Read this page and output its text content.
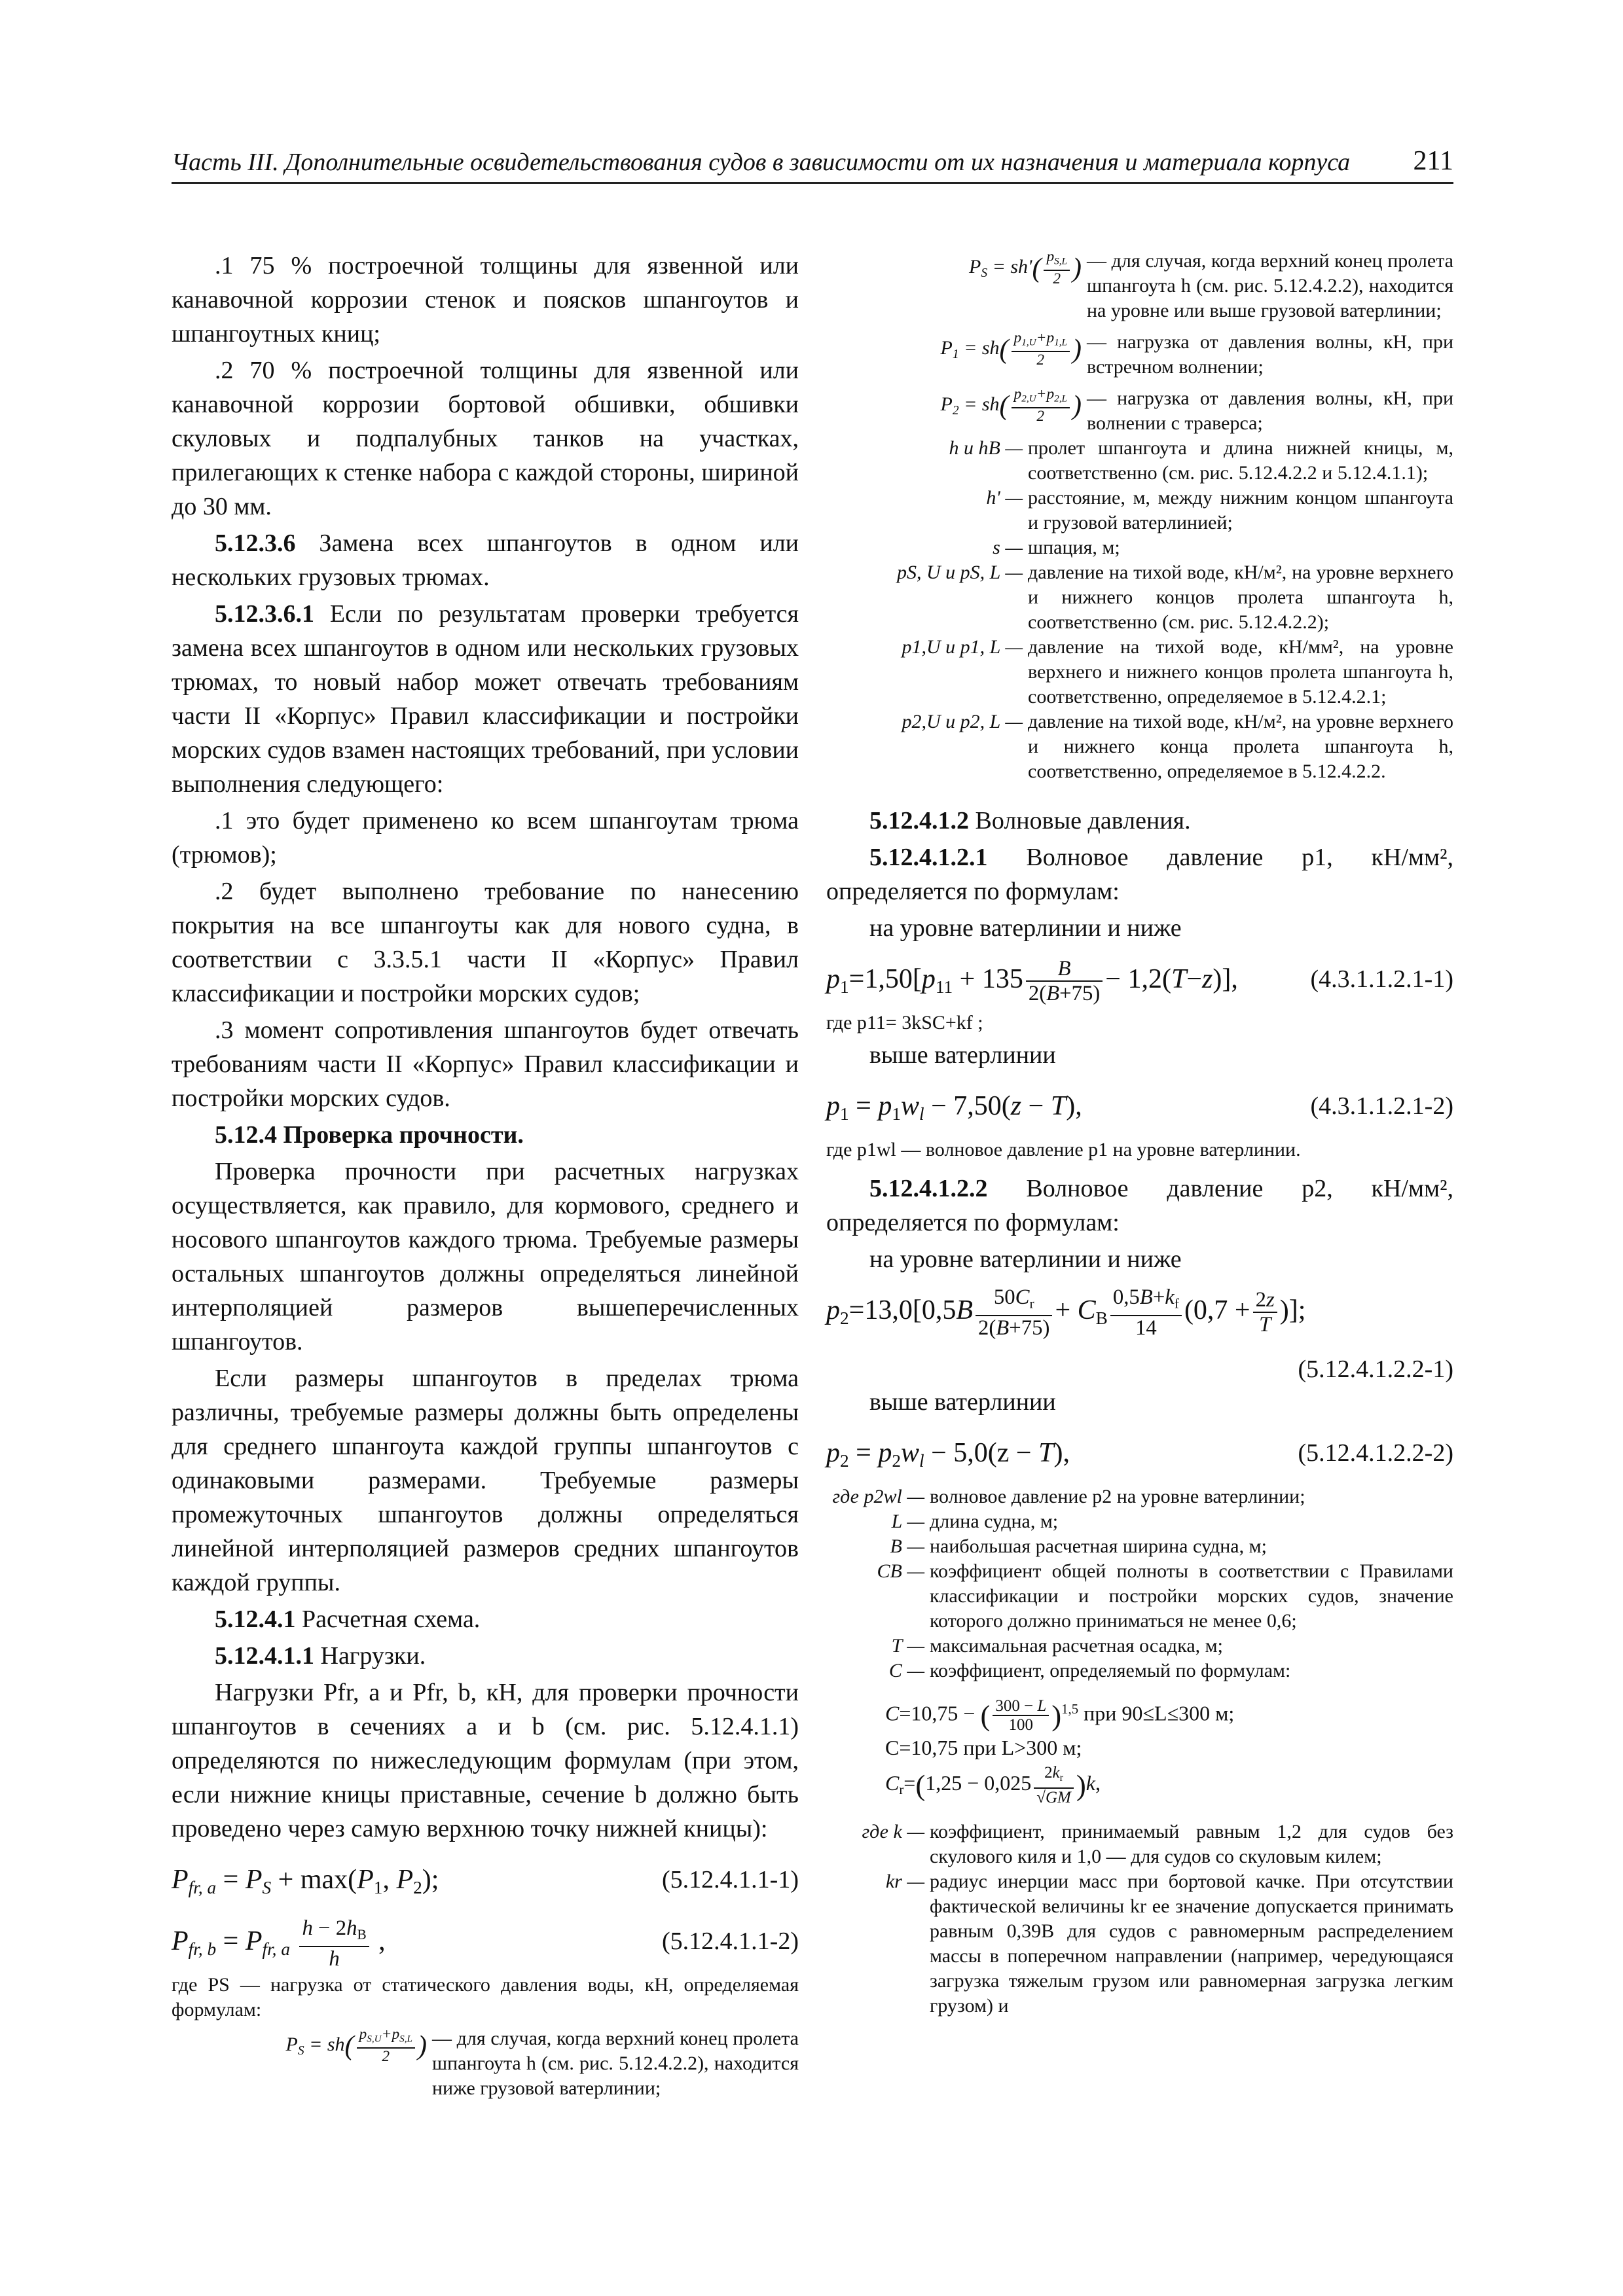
Часть III. Дополнительные освидетельствования судов в зависимости от их назначения и материала корпуса 211

.1 75 % построечной толщины для язвенной или канавочной коррозии стенок и поясков шпангоутов и шпангоутных книц;

.2 70 % построечной толщины для язвенной или канавочной коррозии бортовой обшивки, обшивки скуловых и подпалубных танков на участках, прилегающих к стенке набора с каждой стороны, шириной до 30 мм.

5.12.3.6 Замена всех шпангоутов в одном или нескольких грузовых трюмах.

5.12.3.6.1 Если по результатам проверки требуется замена всех шпангоутов в одном или нескольких грузовых трюмах, то новый набор может отвечать требованиям части II «Корпус» Правил классификации и постройки морских судов взамен настоящих требований, при условии выполнения следующего:

.1 это будет применено ко всем шпангоутам трюма (трюмов);

.2 будет выполнено требование по нанесению покрытия на все шпангоуты как для нового судна, в соответствии с 3.3.5.1 части II «Корпус» Правил классификации и постройки морских судов;

.3 момент сопротивления шпангоутов будет отвечать требованиям части II «Корпус» Правил классификации и постройки морских судов.

5.12.4 Проверка прочности.

Проверка прочности при расчетных нагрузках осуществляется, как правило, для кормового, среднего и носового шпангоутов каждого трюма. Требуемые размеры остальных шпангоутов должны определяться линейной интерполяцией размеров вышеперечисленных шпангоутов.

Если размеры шпангоутов в пределах трюма различны, требуемые размеры должны быть определены для среднего шпангоута каждой группы шпангоутов с одинаковыми размерами. Требуемые размеры промежуточных шпангоутов должны определяться линейной интерполяцией размеров средних шпангоутов каждой группы.

5.12.4.1 Расчетная схема.

5.12.4.1.1 Нагрузки.

Нагрузки Pfr, a и Pfr, b, кН, для проверки прочности шпангоутов в сечениях a и b (см. рис. 5.12.4.1.1) определяются по нижеследующим формулам (при этом, если нижние кницы приставные, сечение b должно быть проведено через самую верхнюю точку нижней кницы):

$P_{fr, a} = P_S + \max(P_1$, $P_2$);	(5.12.4.1.1-1)
$P_{fr, b} = P_{fr, a} \frac{h - 2h_B}{h}$ ,	(5.12.4.1.1-2)

где PS — нагрузка от статического давления воды, кН, определяемая формулам:

$P_S = sh( \frac{p_{S,U}+p_{S,L}}{2}$ ) — для случая, когда верхний конец пролета шпангоута h (см. рис. 5.12.4.2.2), находится ниже грузовой ватерлинии;
$P_S = sh'( \frac{p_{S,L}}{2}$ ) — для случая, когда верхний конец пролета шпангоута h (см. рис. 5.12.4.2.2), находится на уровне или выше грузовой ватерлинии;
$P_1 = sh( \frac{p_{1,U}+p_{1,L}}{2}$ ) — нагрузка от давления волны, кН, при встречном волнении;
$P_2 = sh( \frac{p_{2,U}+p_{2,L}}{2}$ ) — нагрузка от давления волны, кН, при волнении с траверса;
h и hB — пролет шпангоута и длина нижней кницы, м, соответственно (см. рис. 5.12.4.2.2 и 5.12.4.1.1);
h' — расстояние, м, между нижним концом шпангоута и грузовой ватерлинией;
s — шпация, м;
pS, U и pS, L — давление на тихой воде, кН/м², на уровне верхнего и нижнего концов пролета шпангоута h, соответственно (см. рис. 5.12.4.2.2);
p1,U и p1, L — давление на тихой воде, кН/мм², на уровне верхнего и нижнего концов пролета шпангоута h, соответственно, определяемое в 5.12.4.2.1;
p2,U и p2, L — давление на тихой воде, кН/м², на уровне верхнего и нижнего конца пролета шпангоута h, соответственно, определяемое в 5.12.4.2.2.

5.12.4.1.2 Волновые давления.

5.12.4.1.2.1 Волновое давление p1, кН/мм², определяется по формулам:

на уровне ватерлинии и ниже

$p_1=1,50[p_{11} + 135 \frac{B}{2(B+75)} - 1,2(T-z)]$,	(4.3.1.1.2.1-1)

где p11= 3kSC+kf ;

выше ватерлинии

$p_1 = p_1w_l - 7,50(z - T)$,	(4.3.1.1.2.1-2)

где p1wl — волновое давление p1 на уровне ватерлинии.

5.12.4.1.2.2 Волновое давление p2, кН/мм², определяется по формулам:

на уровне ватерлинии и ниже

$p_2=13,0[0,5B \frac{50C_r}{2(B+75)} + C_B \frac{0,5B+k_f}{14} (0,7 + \frac{2z}{T}$ )];
(5.12.4.1.2.2-1)

выше ватерлинии

$p_2 = p_2w_l - 5,0(z - T)$,	(5.12.4.1.2.2-2)
где p2wl — волновое давление p2 на уровне ватерлинии;
L — длина судна, м;
B — наибольшая расчетная ширина судна, м;
CB — коэффициент общей полноты в соответствии с Правилами классификации и постройки морских судов, значение которого должно приниматься не менее 0,6;
T — максимальная расчетная осадка, м;
C — коэффициент, определяемый по формулам:
C=10,75 − ( $\frac{300 - L}{100} )^{1,5}$ при 90≤L≤300 м;
C=10,75 при L>300 м;
$C_r=(1,25 - 0,025 \frac{2k_r}{√GM} )k$,
где k — коэффициент, принимаемый равным 1,2 для судов без скулового киля и 1,0 — для судов со скуловым килем;
kr — радиус инерции масс при бортовой качке. При отсутствии фактической величины kr ее значение допускается принимать равным 0,39B для судов с равномерным распределением массы в поперечном направлении (например, чередующаяся загрузка тяжелым грузом или равномерная загрузка легким грузом) и
